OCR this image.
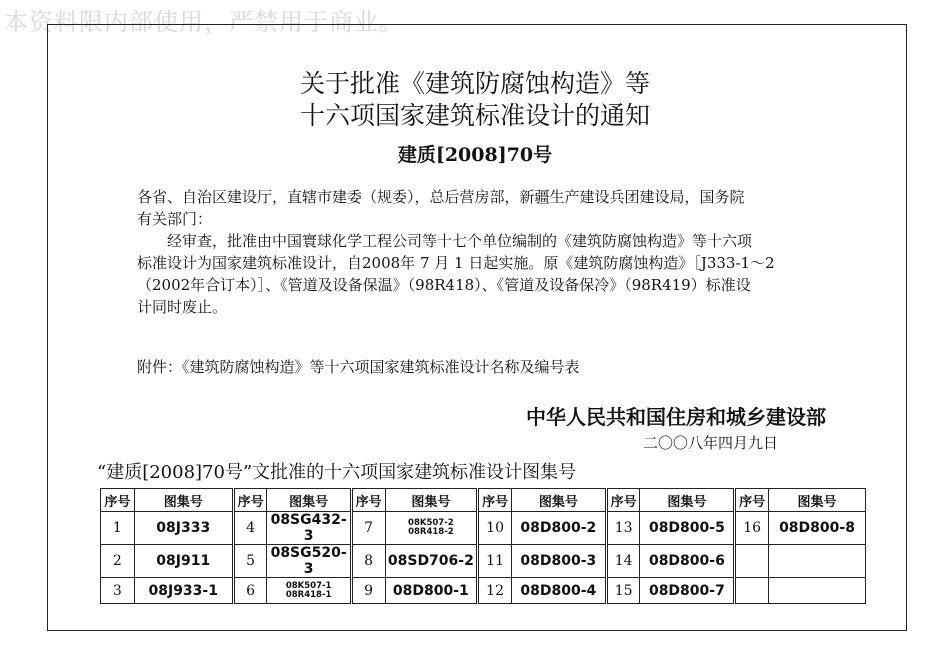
本资料限内部使用，严禁用于商业。
关于批准《建筑防腐蚀构造》等
十六项国家建筑标准设计的通知
建质[2008]70号
各省、自治区建设厅，直辖市建委（规委），总后营房部，新疆生产建设兵团建设局，国务院
有关部门：
经审查，批准由中国寰球化学工程公司等十七个单位编制的《建筑防腐蚀构造》等十六项
标准设计为国家建筑标准设计，自2008年 7 月 1 日起实施。原《建筑防腐蚀构造》［J333-1～2
（2002年合订本）］、《管道及设备保温》（98R418）、《管道及设备保冷》（98R419）标准设
计同时废止。
附件：《建筑防腐蚀构造》等十六项国家建筑标准设计名称及编号表
中华人民共和国住房和城乡建设部
二〇〇八年四月九日
“建质[2008]70号”文批准的十六项国家建筑标准设计图集号
序号	图集号	序号	图集号	序号	图集号	序号	图集号	序号	图集号	序号	图集号
1	08J333	4	08SG432-3	7	08K507-2
08R418-2	10	08D800-2	13	08D800-5	16	08D800-8
2	08J911	5	08SG520-3	8	08SD706-2	11	08D800-3	14	08D800-6		
3	08J933-1	6	08K507-1
08R418-1	9	08D800-1	12	08D800-4	15	08D800-7		
